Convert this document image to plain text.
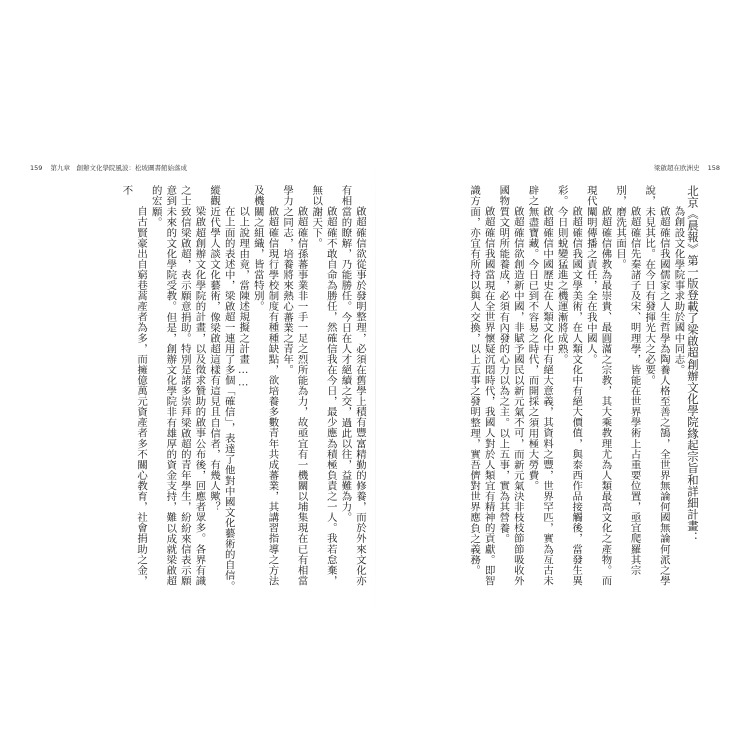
159 第九章　創辦文化學院風波：松坡圖書館始落成	梁啟超在欧洲史 158

北京《晨報》第一版登載了梁啟超創辦文化學院緣起宗旨和詳細計畫：

為創設文化學院事求助於國中同志。

啟超確信我國儒家之人生哲學為陶養人格至善之鵠，全世界無論何國無論何派之學說，未見其比。在今日有發揮光大之必要。

啟超確信先秦諸子及宋、明理學，皆能在世界學術上占重要位置，亟宜爬羅其宗別，磨洗其面目。

啟超確信佛教為最崇貴、最圓滿之宗教，其大乘教理尤為人類最高文化之產物。而現代闡明傳播之責任，全在我中國人。

啟超確信我國文學美術，在人類文化中有絕大價值，與泰西作品接觸後，當發生異彩。今日則蛻變猛進之機運漸將成熟。

啟超確信中國歷史在人類文化中有絕大意義，其資料之豐，世界罕匹，實為亙古未辟之無盡寶藏。今日已到不容易之時代，而開採之須用極大勞費。

啟超確信欲創造新中國，非賦予國民以新元氣不可，而新元氣決非枝枝節節吸收外國物質文明所能養成，必須有內發的心力以為之主。以上五事，實為其營養。

啟超確信我國當現在全世界懷疑沉悶時代，我國人對於人類宜有精神的貢獻。即智識方面，亦宜有所持以與人交換，以上五事之發明整理，實吾儕對世界應負之義務。

啟超確信欲從事於發明整理，必須在舊學上積有豐富精勤的修養，而於外來文化亦有相當的瞭解，乃能勝任。今日在人才絕續之交，過此以往，益難為力。

啟超確不敢自命為勝任，然確信我在今日，最少應為積極負責之一人。我若怠棄，無以謝天下。

啟超確信孫蕃事業非一手一足之烈所能為力，故亟宜有一機關以埔集現在已有相當學力之同志，培養將來熱心蕃業之青年。

啟超確信現行學校制度有種種缺點，欲培養多數青年共成蕃業，其講習指導之方法及機關之組織，皆當特別。

以上說理由竟，當陳述規擬之計畫……

在上面的表述中，梁啟超一連用了多個「確信」，表達了他對中國文化藝術的自信。縱觀近代學人談文化藝術，像梁啟超這樣有這見且自信者，有幾人歟？

梁啟超創辦文化學院的計畫，以及徵求贊助的啟事公布後，回應者眾多。各界有識之士致信梁啟超，表示願意捐助。特別是諸多崇拜梁啟超的青年學生，紛紛來信表示願意到未來的文化學院受教。但是，創辦文化學院非有雄厚的資金支持，難以成就梁啟超的宏願。

自古賢豪出自窮巷蒿產者為多，而擁億萬元資產者多不關心教育，社會捐助之金，不
